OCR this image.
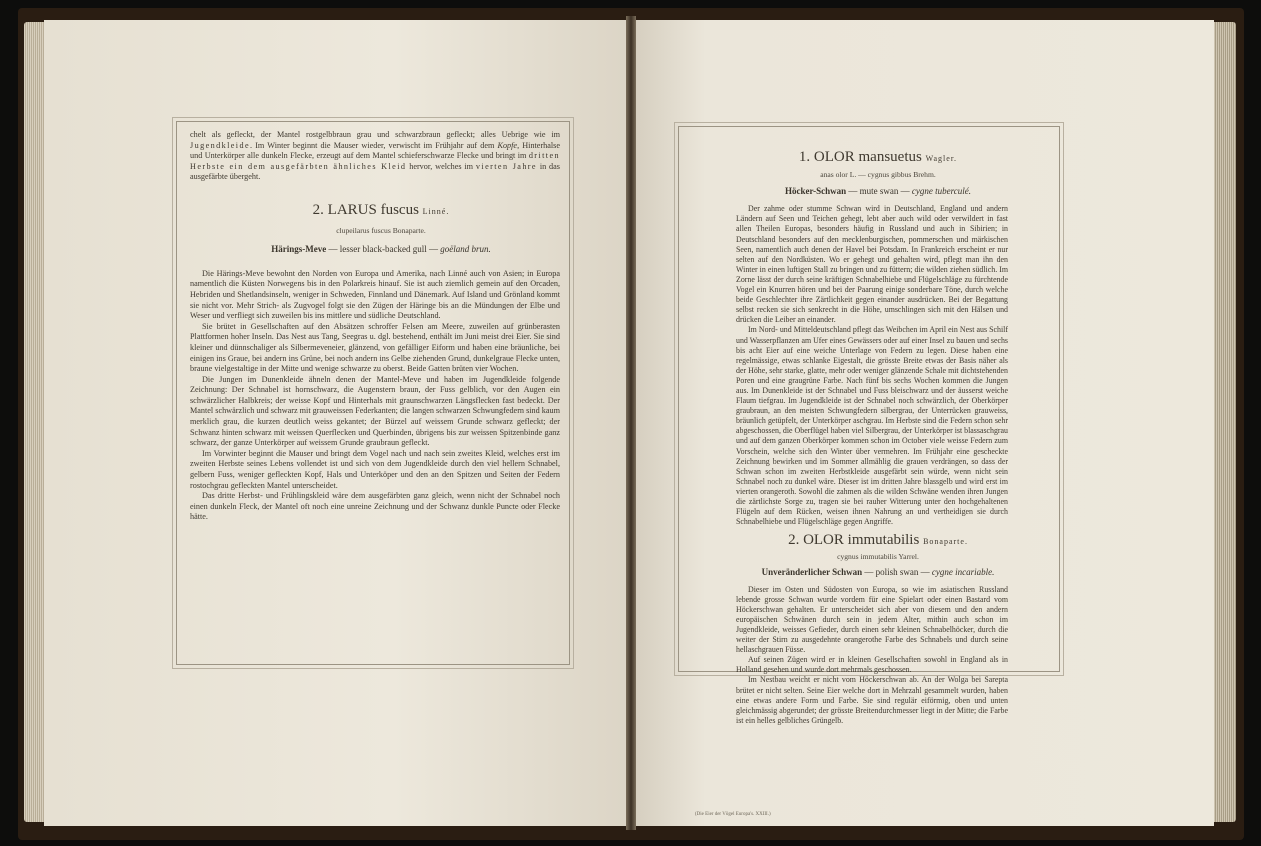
chelt als gefleckt, der Mantel rostgelbbraun grau und schwarzbraun gefleckt; alles Uebrige wie im Jugendkleide. Im Winter beginnt die Mauser wieder, verwischt im Frühjahr auf dem Kopfe, Hinterhalse und Unterkörper alle dunkeln Flecke, erzeugt auf dem Mantel schieferschwarze Flecke und bringt im dritten Herbste ein dem ausgefärbten ähnliches Kleid hervor, welches im vierten Jahre in das ausgefärbte übergeht.

2. LARUS fuscus Linné.

clupeilarus fuscus Bonaparte.

Härings-Meve — lesser black-backed gull — goëland brun.

Die Härings-Meve bewohnt den Norden von Europa und Amerika, nach Linné auch von Asien; in Europa namentlich die Küsten Norwegens bis in den Polarkreis hinauf. Sie ist auch ziemlich gemein auf den Orcaden, Hebriden und Shetlandsinseln, weniger in Schweden, Finnland und Dänemark. Auf Island und Grönland kommt sie nicht vor. Mehr Strich- als Zugvogel folgt sie den Zügen der Häringe bis an die Mündungen der Elbe und Weser und verfliegt sich zuweilen bis ins mittlere und südliche Deutschland.

Sie brütet in Gesellschaften auf den Absätzen schroffer Felsen am Meere, zuweilen auf grünberasten Plattformen hoher Inseln. Das Nest aus Tang, Seegras u. dgl. bestehend, enthält im Juni meist drei Eier. Sie sind kleiner und dünnschaliger als Silbermeveneier, glänzend, von gefälliger Eiform und haben eine bräunliche, bei einigen ins Graue, bei andern ins Grüne, bei noch andern ins Gelbe ziehenden Grund, dunkelgraue Flecke unten, braune vielgestaltige in der Mitte und wenige schwarze zu oberst. Beide Gatten brüten vier Wochen.

Die Jungen im Dunenkleide ähneln denen der Mantel-Meve und haben im Jugendkleide folgende Zeichnung: Der Schnabel ist hornschwarz, die Augenstern braun, der Fuss gelblich, vor den Augen ein schwärzlicher Halbkreis; der weisse Kopf und Hinterhals mit graunschwarzen Längsflecken fast bedeckt. Der Mantel schwärzlich und schwarz mit grauweissen Federkanten; die langen schwarzen Schwungfedern sind kaum merklich grau, die kurzen deutlich weiss gekantet; der Bürzel auf weissem Grunde schwarz gefleckt; der Schwanz hinten schwarz mit weissen Querflecken und Querbinden, übrigens bis zur weissen Spitzenbinde ganz schwarz, der ganze Unterkörper auf weissem Grunde graubraun gefleckt.

Im Vorwinter beginnt die Mauser und bringt dem Vogel nach und nach sein zweites Kleid, welches erst im zweiten Herbste seines Lebens vollendet ist und sich von dem Jugendkleide durch den viel hellern Schnabel, gelbern Fuss, weniger gefleckten Kopf, Hals und Unterköper und den an den Spitzen und Seiten der Federn rostochgrau gefleckten Mantel unterscheidet.

Das dritte Herbst- und Frühlingskleid wäre dem ausgefärbten ganz gleich, wenn nicht der Schnabel noch einen dunkeln Fleck, der Mantel oft noch eine unreine Zeichnung und der Schwanz dunkle Puncte oder Flecke hätte.

1. OLOR mansuetus Wagler.

anas olor L. — cygnus gibbus Brehm.

Höcker-Schwan — mute swan — cygne tuberculé.

Der zahme oder stumme Schwan wird in Deutschland, England und andern Ländern auf Seen und Teichen gehegt, lebt aber auch wild oder verwildert in fast allen Theilen Europas, besonders häufig in Russland und auch in Sibirien; in Deutschland besonders auf den mecklenburgischen, pommerschen und märkischen Seen, namentlich auch denen der Havel bei Potsdam. In Frankreich erscheint er nur selten auf den Nordküsten. Wo er gehegt und gehalten wird, pflegt man ihn den Winter in einen luftigen Stall zu bringen und zu füttern; die wilden ziehen südlich. Im Zorne lässt der durch seine kräftigen Schnabelhiebe und Flügelschläge zu fürchtende Vogel ein Knurren hören und bei der Paarung einige sonderbare Töne, durch welche beide Geschlechter ihre Zärtlichkeit gegen einander ausdrücken. Bei der Begattung selbst recken sie sich senkrecht in die Höhe, umschlingen sich mit den Hälsen und drücken die Leiber an einander.

Im Nord- und Mitteldeutschland pflegt das Weibchen im April ein Nest aus Schilf und Wasserpflanzen am Ufer eines Gewässers oder auf einer Insel zu bauen und sechs bis acht Eier auf eine weiche Unterlage von Federn zu legen. Diese haben eine regelmässige, etwas schlanke Eigestalt, die grösste Breite etwas der Basis näher als der Höhe, sehr starke, glatte, mehr oder weniger glänzende Schale mit dichtstehenden Poren und eine graugrüne Farbe. Nach fünf bis sechs Wochen kommen die Jungen aus. Im Dunenkleide ist der Schnabel und Fuss bleischwarz und der äusserst weiche Flaum tiefgrau. Im Jugendkleide ist der Schnabel noch schwärzlich, der Oberkörper graubraun, an den meisten Schwungfedern silbergrau, der Unterrücken grauweiss, bräunlich getüpfelt, der Unterkörper aschgrau. Im Herbste sind die Federn schon sehr abgeschossen, die Oberflügel haben viel Silbergrau, der Unterkörper ist blassaschgrau und auf dem ganzen Oberkörper kommen schon im October viele weisse Federn zum Vorschein, welche sich den Winter über vermehren. Im Frühjahr eine gescheckte Zeichnung bewirken und im Sommer allmählig die grauen verdrängen, so dass der Schwan schon im zweiten Herbstkleide ausgefärbt sein würde, wenn nicht sein Schnabel noch zu dunkel wäre. Dieser ist im dritten Jahre blassgelb und wird erst im vierten orangeroth. Sowohl die zahmen als die wilden Schwäne wenden ihren Jungen die zärtlichste Sorge zu, tragen sie bei rauher Witterung unter den hochgehaltenen Flügeln auf dem Rücken, weisen ihnen Nahrung an und vertheidigen sie durch Schnabelhiebe und Flügelschläge gegen Angriffe.

2. OLOR immutabilis Bonaparte.

cygnus immutabilis Yarrel.

Unveränderlicher Schwan — polish swan — cygne incariable.

Dieser im Osten und Südosten von Europa, so wie im asiatischen Russland lebende grosse Schwan wurde vordem für eine Spielart oder einen Bastard vom Höckerschwan gehalten. Er unterscheidet sich aber von diesem und den andern europäischen Schwänen durch sein in jedem Alter, mithin auch schon im Jugendkleide, weisses Gefieder, durch einen sehr kleinen Schnabelhöcker, durch die weiter der Stirn zu ausgedehnte orangerothe Farbe des Schnabels und durch seine hellaschgrauen Füsse.

Auf seinen Zügen wird er in kleinen Gesellschaften sowohl in England als in Holland gesehen und wurde dort mehrmals geschossen.

Im Nestbau weicht er nicht vom Höckerschwan ab. An der Wolga bei Sarepta brütet er nicht selten. Seine Eier welche dort in Mehrzahl gesammelt wurden, haben eine etwas andere Form und Farbe. Sie sind regulär eiförmig, oben und unten gleichmässig abgerundet; der grösste Breitendurchmesser liegt in der Mitte; die Farbe ist ein helles gelbliches Grüngelb.

(Die Eier der Vögel Europa's. XXIII.)
